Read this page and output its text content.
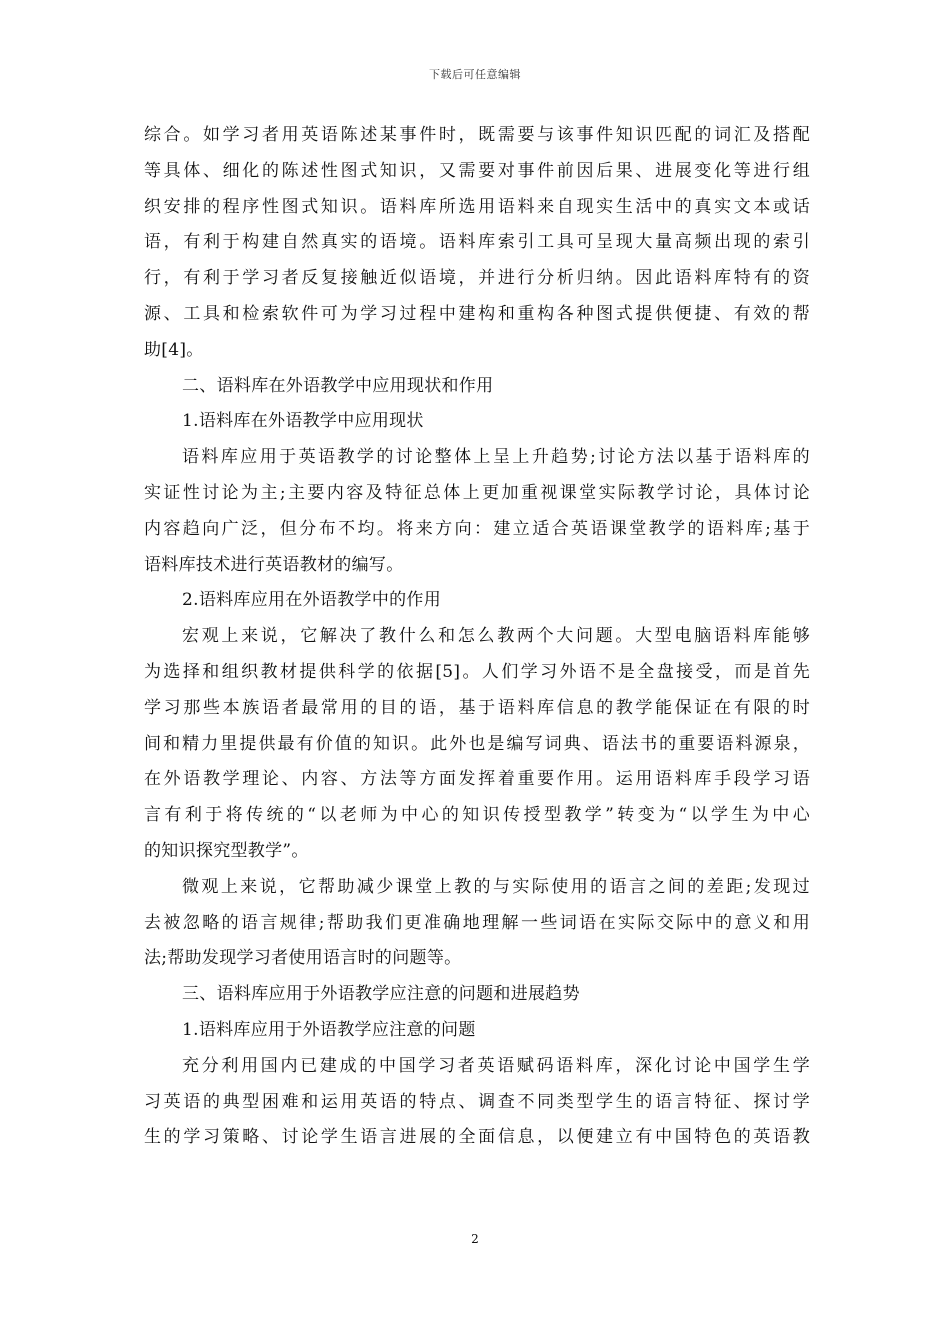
下载后可任意编辑
综合。如学习者用英语陈述某事件时，既需要与该事件知识匹配的词汇及搭配
等具体、细化的陈述性图式知识，又需要对事件前因后果、进展变化等进行组
织安排的程序性图式知识。语料库所选用语料来自现实生活中的真实文本或话
语，有利于构建自然真实的语境。语料库索引工具可呈现大量高频出现的索引
行，有利于学习者反复接触近似语境，并进行分析归纳。因此语料库特有的资
源、工具和检索软件可为学习过程中建构和重构各种图式提供便捷、有效的帮
助[4]。
二、语料库在外语教学中应用现状和作用
1.语料库在外语教学中应用现状
语料库应用于英语教学的讨论整体上呈上升趋势;讨论方法以基于语料库的
实证性讨论为主;主要内容及特征总体上更加重视课堂实际教学讨论，具体讨论
内容趋向广泛，但分布不均。将来方向：建立适合英语课堂教学的语料库;基于
语料库技术进行英语教材的编写。
2.语料库应用在外语教学中的作用
宏观上来说，它解决了教什么和怎么教两个大问题。大型电脑语料库能够
为选择和组织教材提供科学的依据[5]。人们学习外语不是全盘接受，而是首先
学习那些本族语者最常用的目的语，基于语料库信息的教学能保证在有限的时
间和精力里提供最有价值的知识。此外也是编写词典、语法书的重要语料源泉，
在外语教学理论、内容、方法等方面发挥着重要作用。运用语料库手段学习语
言有利于将传统的“以老师为中心的知识传授型教学”转变为“以学生为中心
的知识探究型教学”。
微观上来说，它帮助减少课堂上教的与实际使用的语言之间的差距;发现过
去被忽略的语言规律;帮助我们更准确地理解一些词语在实际交际中的意义和用
法;帮助发现学习者使用语言时的问题等。
三、语料库应用于外语教学应注意的问题和进展趋势
1.语料库应用于外语教学应注意的问题
充分利用国内已建成的中国学习者英语赋码语料库，深化讨论中国学生学
习英语的典型困难和运用英语的特点、调查不同类型学生的语言特征、探讨学
生的学习策略、讨论学生语言进展的全面信息，以便建立有中国特色的英语教
2
